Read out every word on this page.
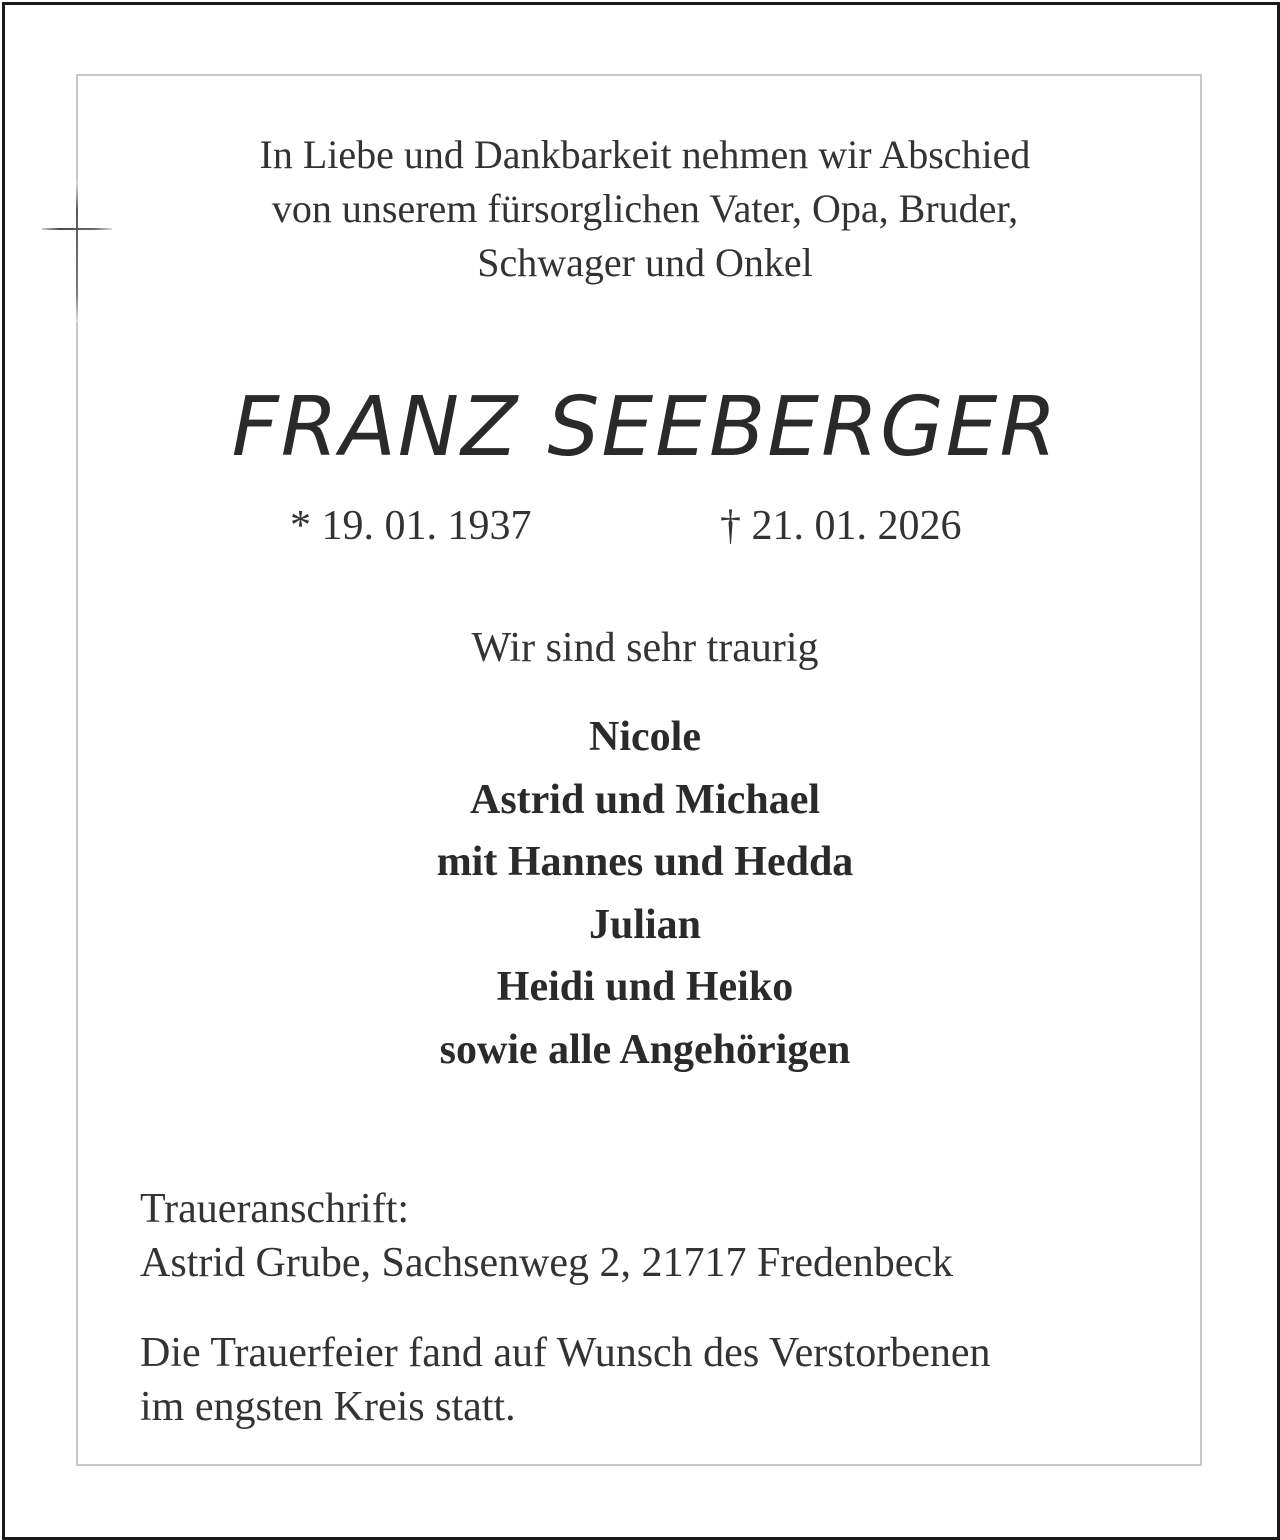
In Liebe und Dankbarkeit nehmen wir Abschied
von unserem fürsorglichen Vater, Opa, Bruder,
Schwager und Onkel
FRANZ SEEBERGER
* 19. 01. 1937	† 21. 01. 2026
Wir sind sehr traurig
Nicole
Astrid und Michael
mit Hannes und Hedda
Julian
Heidi und Heiko
sowie alle Angehörigen
Traueranschrift:
Astrid Grube, Sachsenweg 2, 21717 Fredenbeck
Die Trauerfeier fand auf Wunsch des Verstorbenen
im engsten Kreis statt.
